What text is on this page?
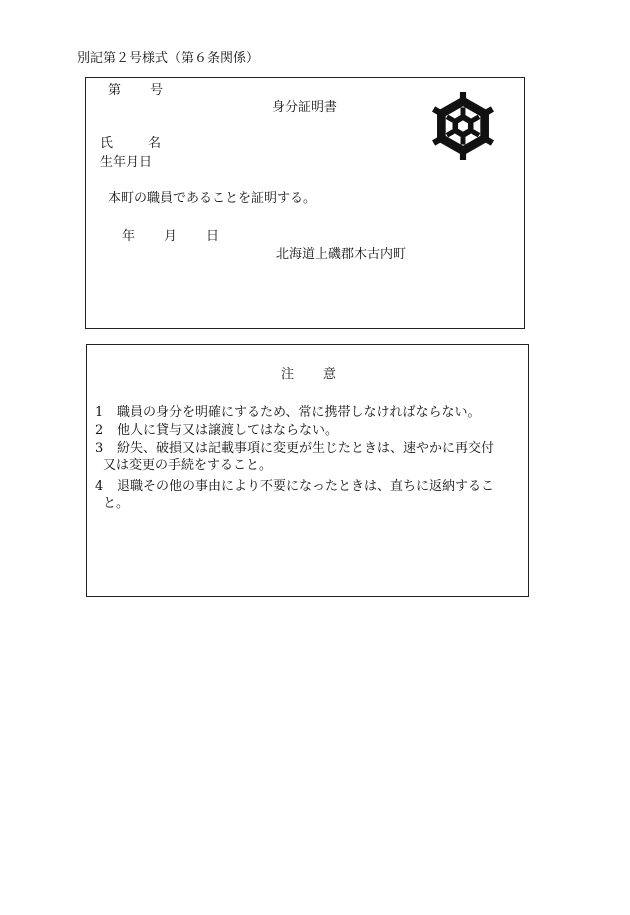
別記第２号様式（第６条関係）
第 号
身分証明書
氏	名
生年月日
本町の職員であることを証明する。
年 月 日
北海道上磯郡木古内町
注 意
1 職員の身分を明確にするため、常に携帯しなければならない。
2 他人に貸与又は譲渡してはならない。
3 紛失、破損又は記載事項に変更が生じたときは、速やかに再交付
又は変更の手続をすること。
4 退職その他の事由により不要になったときは、直ちに返納するこ
と。
